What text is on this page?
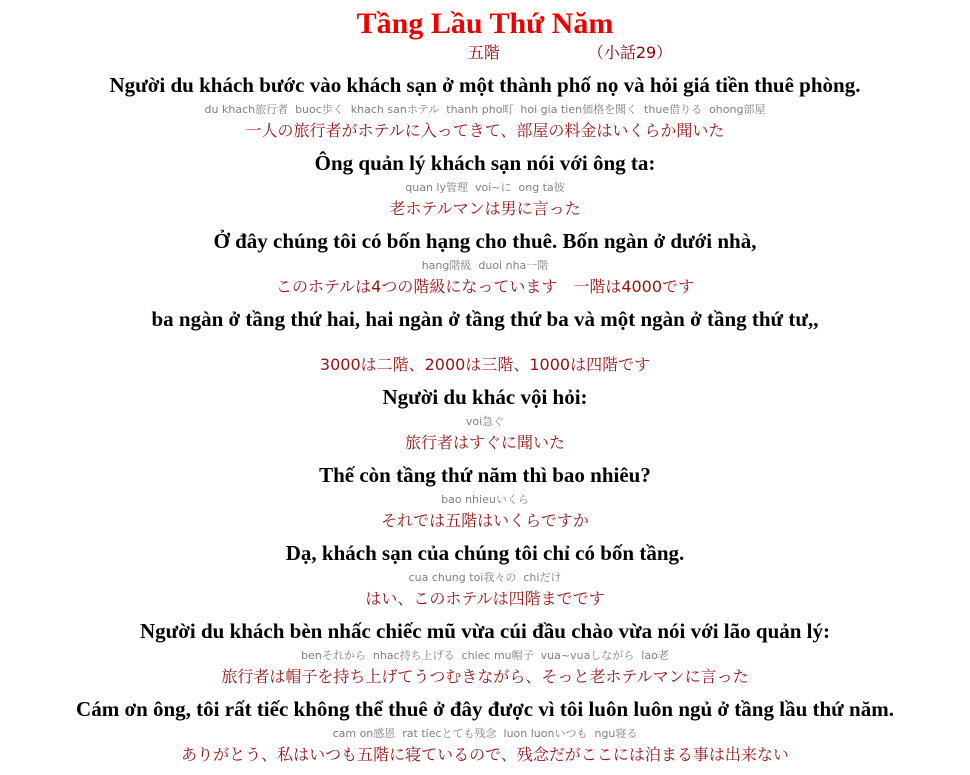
Tầng Lầu Thứ Năm
五階　　　　　　（小話29）
Người du khách bước vào khách sạn ở một thành phố nọ và hỏi giá tiền thuê phòng.
du khach旅行者  buoc歩く  khach sanホテル  thanh pho町  hoi gia tien価格を聞く  thue借りる  ohong部屋
一人の旅行者がホテルに入ってきて、部屋の料金はいくらか聞いた
Ông quản lý khách sạn nói với ông ta:
quan ly管理  voi~に  ong ta彼
老ホテルマンは男に言った
Ở đây chúng tôi có bốn hạng cho thuê. Bốn ngàn ở dưới nhà,
hang階級  duoi nha一階
このホテルは4つの階級になっています　一階は4000です
ba ngàn ở tầng thứ hai, hai ngàn ở tầng thứ ba và một ngàn ở tầng thứ tư,,
3000は二階、2000は三階、1000は四階です
Người du khác vội hỏi:
voi急ぐ
旅行者はすぐに聞いた
Thế còn tầng thứ năm thì bao nhiêu?
bao nhieuいくら
それでは五階はいくらですか
Dạ, khách sạn của chúng tôi chỉ có bốn tầng.
cua chung toi我々の  chiだけ
はい、このホテルは四階までです
Người du khách bèn nhấc chiếc mũ vừa cúi đầu chào vừa nói với lão quản lý:
benそれから  nhac持ち上げる  chiec mu帽子  vua~vuaしながら  lao老
旅行者は帽子を持ち上げてうつむきながら、そっと老ホテルマンに言った
Cám ơn ông, tôi rất tiếc không thể thuê ở đây được vì tôi luôn luôn ngủ ở tầng lầu thứ năm.
cam on感恩  rat tiecとても残念  luon luonいつも  ngu寝る
ありがとう、私はいつも五階に寝ているので、残念だがここには泊まる事は出来ない
